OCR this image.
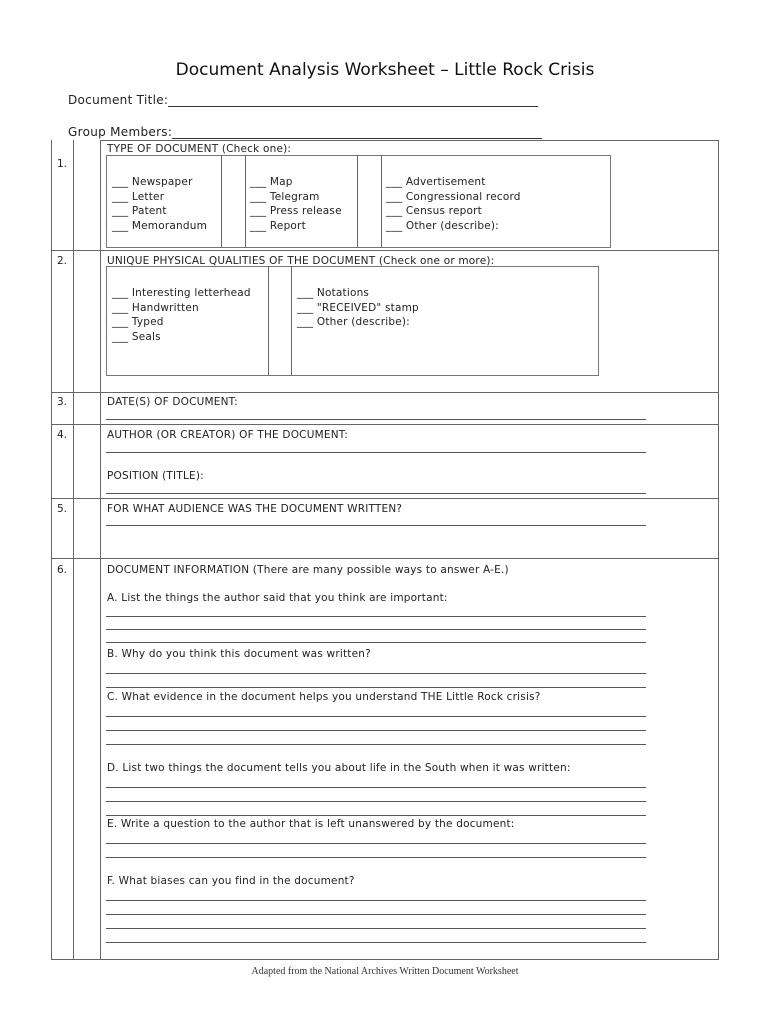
Document Analysis Worksheet – Little Rock Crisis
Document Title:
Group Members:
1.
TYPE OF DOCUMENT (Check one):
___ Newspaper
___ Letter
___ Patent
___ Memorandum
___ Map
___ Telegram
___ Press release
___ Report
___ Advertisement
___ Congressional record
___ Census report
___ Other (describe):
2.	UNIQUE PHYSICAL QUALITIES OF THE DOCUMENT (Check one or more):
___ Interesting letterhead
___ Handwritten
___ Typed
___ Seals
___ Notations
___ "RECEIVED" stamp
___ Other (describe):
3.	DATE(S) OF DOCUMENT:
4.	AUTHOR (OR CREATOR) OF THE DOCUMENT:
POSITION (TITLE):
5.	FOR WHAT AUDIENCE WAS THE DOCUMENT WRITTEN?
6.	DOCUMENT INFORMATION (There are many possible ways to answer A-E.)
A. List the things the author said that you think are important:
B. Why do you think this document was written?
C. What evidence in the document helps you understand THE Little Rock crisis?
D. List two things the document tells you about life in the South when it was written:
E. Write a question to the author that is left unanswered by the document:
F. What biases can you find in the document?
Adapted from the National Archives Written Document Worksheet
